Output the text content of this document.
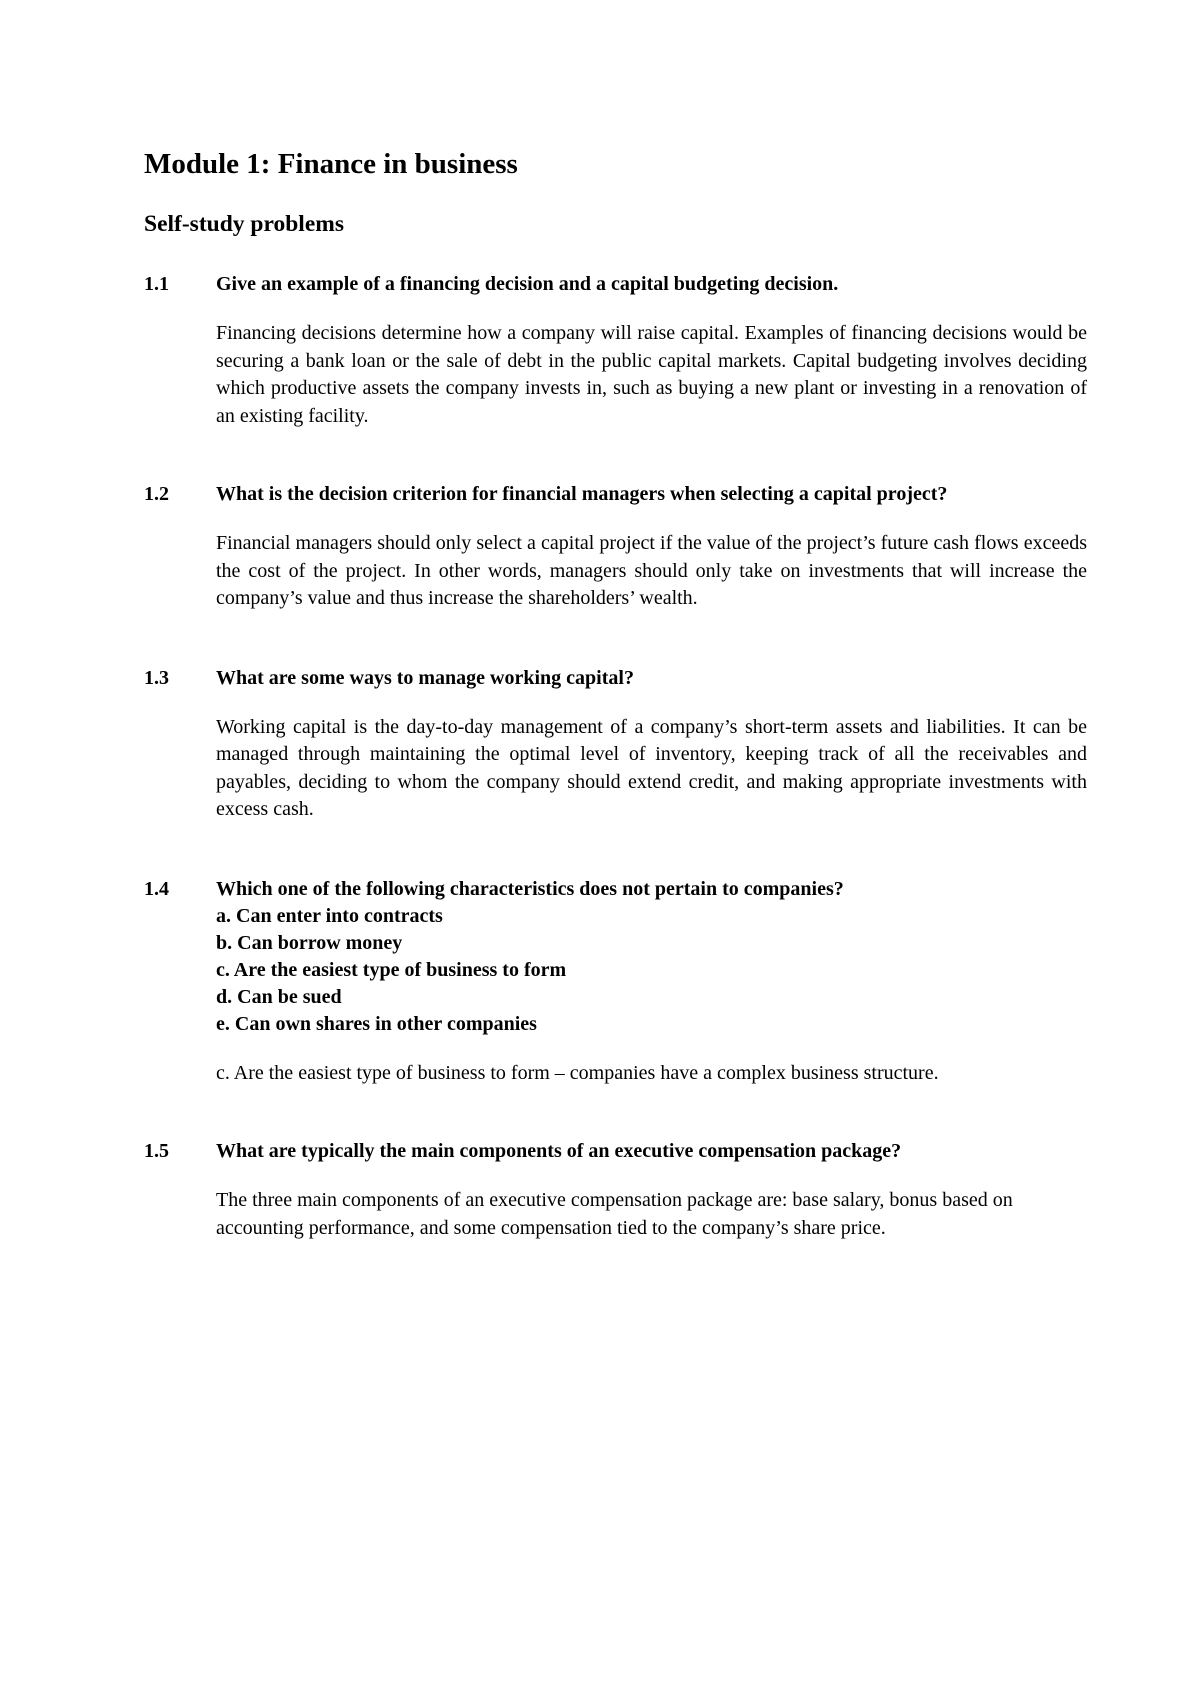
Module 1: Finance in business
Self-study problems
1.1 Give an example of a financing decision and a capital budgeting decision.

Financing decisions determine how a company will raise capital. Examples of financing decisions would be securing a bank loan or the sale of debt in the public capital markets. Capital budgeting involves deciding which productive assets the company invests in, such as buying a new plant or investing in a renovation of an existing facility.

1.2 What is the decision criterion for financial managers when selecting a capital project?

Financial managers should only select a capital project if the value of the project’s future cash flows exceeds the cost of the project. In other words, managers should only take on investments that will increase the company’s value and thus increase the shareholders’ wealth.

1.3 What are some ways to manage working capital?

Working capital is the day-to-day management of a company’s short-term assets and liabilities. It can be managed through maintaining the optimal level of inventory, keeping track of all the receivables and payables, deciding to whom the company should extend credit, and making appropriate investments with excess cash.

1.4 Which one of the following characteristics does not pertain to companies?

a. Can enter into contracts
b. Can borrow money
c. Are the easiest type of business to form
d. Can be sued
e. Can own shares in other companies

c. Are the easiest type of business to form – companies have a complex business structure.

1.5 What are typically the main components of an executive compensation package?

The three main components of an executive compensation package are: base salary, bonus based on accounting performance, and some compensation tied to the company’s share price.
